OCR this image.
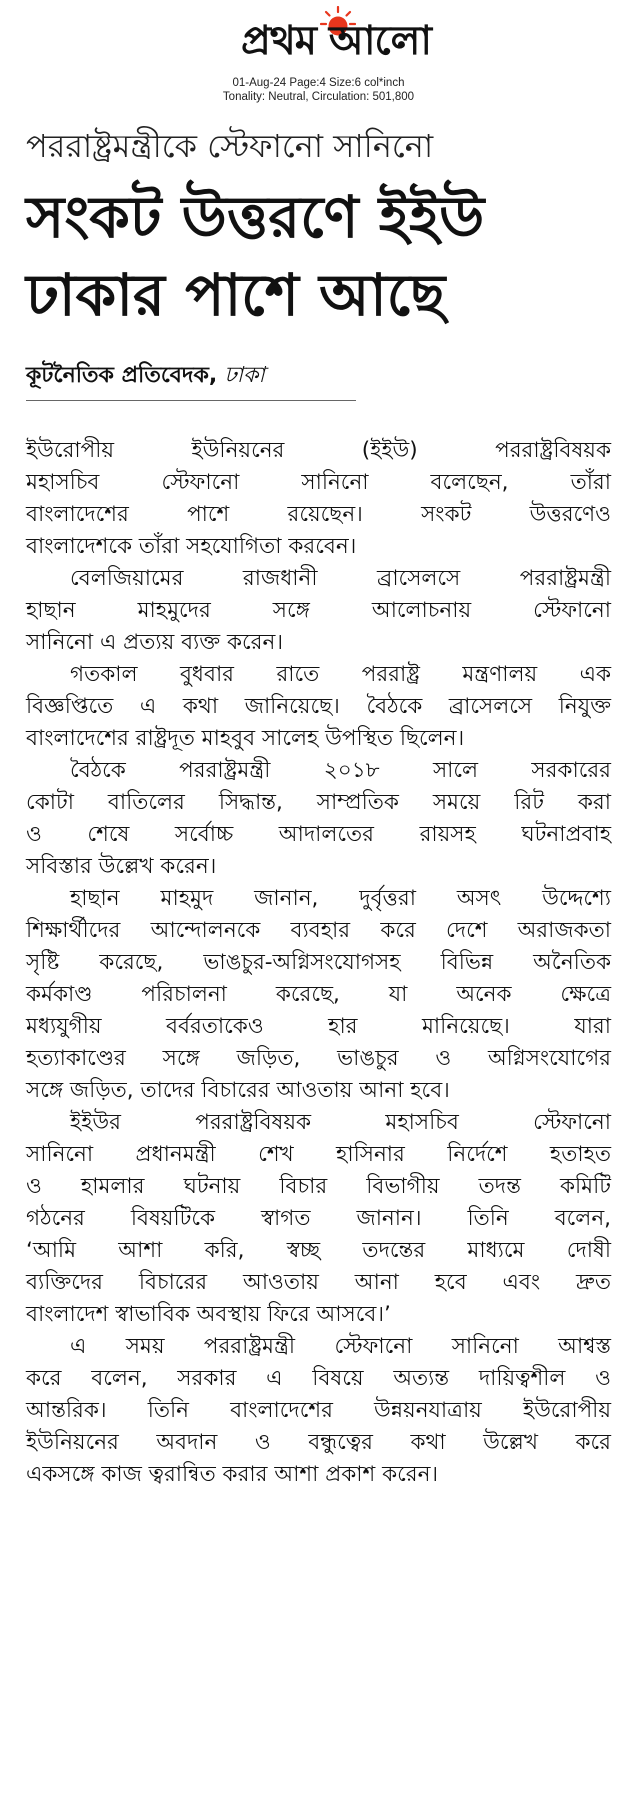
প্রথম আলো
01-Aug-24 Page:4 Size:6 col*inch
Tonality: Neutral, Circulation: 501,800
পররাষ্ট্রমন্ত্রীকে স্টেফানো সানিনো
সংকট উত্তরণে ইইউ
ঢাকার পাশে আছে
কূটনৈতিক প্রতিবেদক, ঢাকা

ইউরোপীয় ইউনিয়নের (ইইউ) পররাষ্ট্রবিষয়ক
মহাসচিব স্টেফানো সানিনো বলেছেন, তাঁরা
বাংলাদেশের পাশে রয়েছেন। সংকট উত্তরণেও
বাংলাদেশকে তাঁরা সহযোগিতা করবেন।

বেলজিয়ামের রাজধানী ব্রাসেলসে পররাষ্ট্রমন্ত্রী
হাছান মাহমুদের সঙ্গে আলোচনায় স্টেফানো
সানিনো এ প্রত্যয় ব্যক্ত করেন।

গতকাল বুধবার রাতে পররাষ্ট্র মন্ত্রণালয় এক
বিজ্ঞপ্তিতে এ কথা জানিয়েছে। বৈঠকে ব্রাসেলসে নিযুক্ত
বাংলাদেশের রাষ্ট্রদূত মাহবুব সালেহ উপস্থিত ছিলেন।

বৈঠকে পররাষ্ট্রমন্ত্রী ২০১৮ সালে সরকারের
কোটা বাতিলের সিদ্ধান্ত, সাম্প্রতিক সময়ে রিট করা
ও শেষে সর্বোচ্চ আদালতের রায়সহ ঘটনাপ্রবাহ
সবিস্তার উল্লেখ করেন।

হাছান মাহমুদ জানান, দুর্বৃত্তরা অসৎ উদ্দেশ্যে
শিক্ষার্থীদের আন্দোলনকে ব্যবহার করে দেশে অরাজকতা
সৃষ্টি করেছে, ভাঙচুর-অগ্নিসংযোগসহ বিভিন্ন অনৈতিক
কর্মকাণ্ড পরিচালনা করেছে, যা অনেক ক্ষেত্রে
মধ্যযুগীয় বর্বরতাকেও হার মানিয়েছে। যারা
হত্যাকাণ্ডের সঙ্গে জড়িত, ভাঙচুর ও অগ্নিসংযোগের
সঙ্গে জড়িত, তাদের বিচারের আওতায় আনা হবে।

ইইউর পররাষ্ট্রবিষয়ক মহাসচিব স্টেফানো
সানিনো প্রধানমন্ত্রী শেখ হাসিনার নির্দেশে হতাহত
ও হামলার ঘটনায় বিচার বিভাগীয় তদন্ত কমিটি
গঠনের বিষয়টিকে স্বাগত জানান। তিনি বলেন,
‘আমি আশা করি, স্বচ্ছ তদন্তের মাধ্যমে দোষী
ব্যক্তিদের বিচারের আওতায় আনা হবে এবং দ্রুত
বাংলাদেশ স্বাভাবিক অবস্থায় ফিরে আসবে।’

এ সময় পররাষ্ট্রমন্ত্রী স্টেফানো সানিনো আশ্বস্ত
করে বলেন, সরকার এ বিষয়ে অত্যন্ত দায়িত্বশীল ও
আন্তরিক। তিনি বাংলাদেশের উন্নয়নযাত্রায় ইউরোপীয়
ইউনিয়নের অবদান ও বন্ধুত্বের কথা উল্লেখ করে
একসঙ্গে কাজ ত্বরান্বিত করার আশা প্রকাশ করেন।
